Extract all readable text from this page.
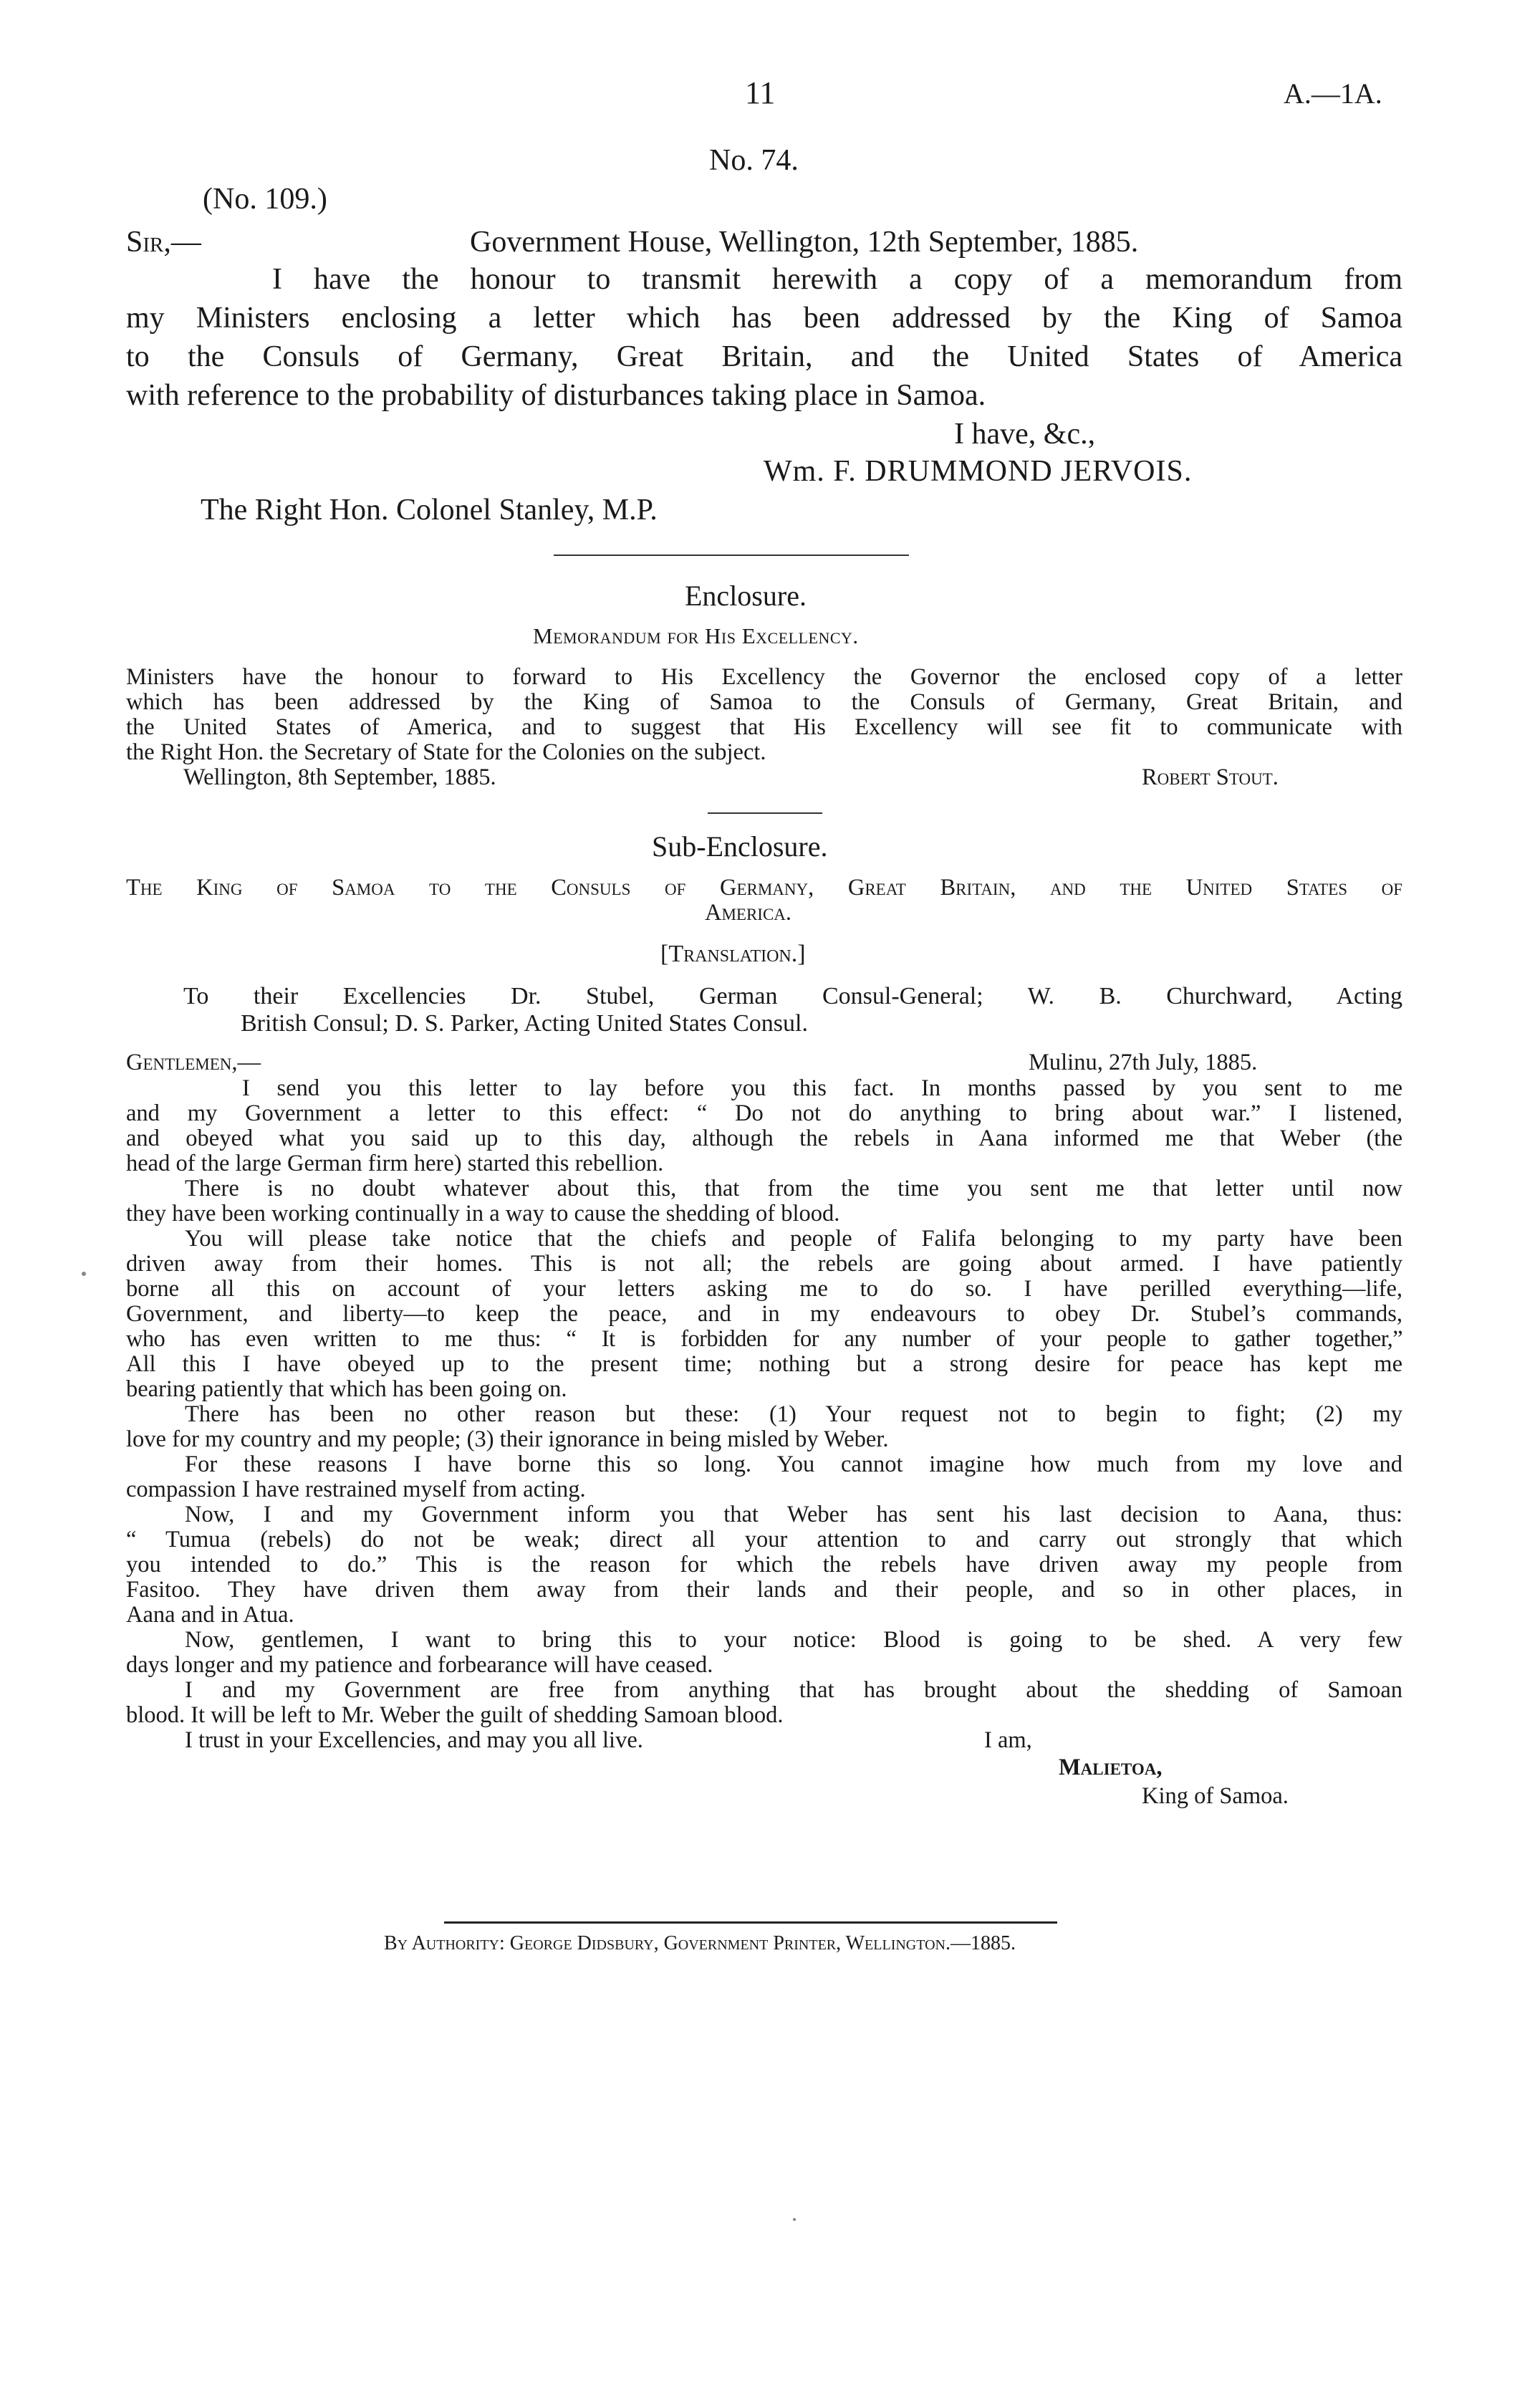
11	A.—1A.
No. 74.
(No. 109.)
Sir,—	Government House, Wellington, 12th September, 1885.
I have the honour to transmit herewith a copy of a memorandum from
my Ministers enclosing a letter which has been addressed by the King of Samoa
to the Consuls of Germany, Great Britain, and the United States of America
with reference to the probability of disturbances taking place in Samoa.
I have, &c.,
Wm. F. DRUMMOND JERVOIS.
The Right Hon. Colonel Stanley, M.P.
Enclosure.
Memorandum for His Excellency.
Ministers have the honour to forward to His Excellency the Governor the enclosed copy of a letter
which has been addressed by the King of Samoa to the Consuls of Germany, Great Britain, and
the United States of America, and to suggest that His Excellency will see fit to communicate with
the Right Hon. the Secretary of State for the Colonies on the subject.
Wellington, 8th September, 1885.	Robert Stout.
Sub-Enclosure.
The King of Samoa to the Consuls of Germany, Great Britain, and the United States of
America.
[Translation.]
To their Excellencies Dr. Stubel, German Consul-General; W. B. Churchward, Acting
British Consul; D. S. Parker, Acting United States Consul.
Gentlemen,—	Mulinu, 27th July, 1885.
I send you this letter to lay before you this fact. In months passed by you sent to me
and my Government a letter to this effect: “ Do not do anything to bring about war.” I listened,
and obeyed what you said up to this day, although the rebels in Aana informed me that Weber (the
head of the large German firm here) started this rebellion.
There is no doubt whatever about this, that from the time you sent me that letter until now
they have been working continually in a way to cause the shedding of blood.
You will please take notice that the chiefs and people of Falifa belonging to my party have been
driven away from their homes. This is not all; the rebels are going about armed. I have patiently
borne all this on account of your letters asking me to do so. I have perilled everything—life,
Government, and liberty—to keep the peace, and in my endeavours to obey Dr. Stubel’s commands,
who has even written to me thus: “ It is forbidden for any number of your people to gather together,”
All this I have obeyed up to the present time; nothing but a strong desire for peace has kept me
bearing patiently that which has been going on.
There has been no other reason but these: (1) Your request not to begin to fight; (2) my
love for my country and my people; (3) their ignorance in being misled by Weber.
For these reasons I have borne this so long. You cannot imagine how much from my love and
compassion I have restrained myself from acting.
Now, I and my Government inform you that Weber has sent his last decision to Aana, thus:
“ Tumua (rebels) do not be weak; direct all your attention to and carry out strongly that which
you intended to do.” This is the reason for which the rebels have driven away my people from
Fasitoo. They have driven them away from their lands and their people, and so in other places, in
Aana and in Atua.
Now, gentlemen, I want to bring this to your notice: Blood is going to be shed. A very few
days longer and my patience and forbearance will have ceased.
I and my Government are free from anything that has brought about the shedding of Samoan
blood. It will be left to Mr. Weber the guilt of shedding Samoan blood.
I trust in your Excellencies, and may you all live.	I am,
Malietoa,
King of Samoa.
By Authority: George Didsbury, Government Printer, Wellington.—1885.
